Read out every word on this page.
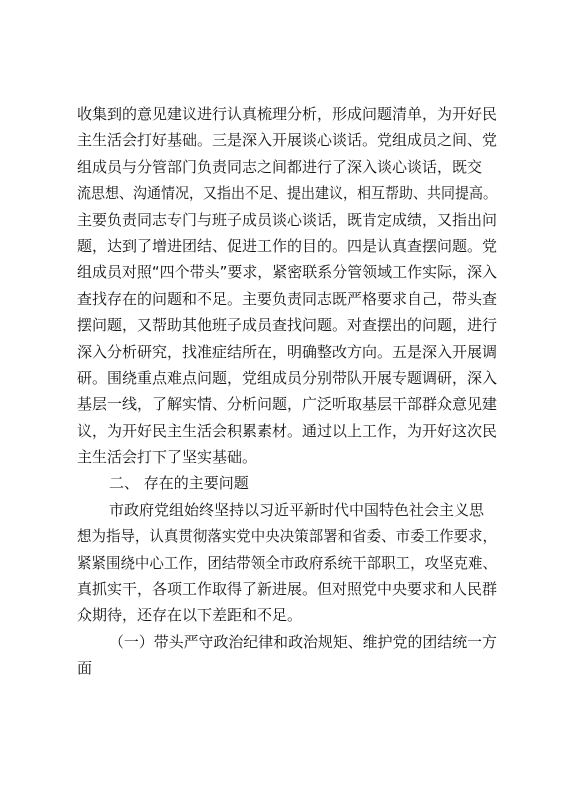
收集到的意见建议进行认真梳理分析，形成问题清单，为开好民
主生活会打好基础。三是深入开展谈心谈话。党组成员之间、党
组成员与分管部门负责同志之间都进行了深入谈心谈话，既交
流思想、沟通情况，又指出不足、提出建议，相互帮助、共同提高。
主要负责同志专门与班子成员谈心谈话，既肯定成绩，又指出问
题，达到了增进团结、促进工作的目的。四是认真查摆问题。党
组成员对照“四个带头”要求，紧密联系分管领域工作实际，深入
查找存在的问题和不足。主要负责同志既严格要求自己，带头查
摆问题，又帮助其他班子成员查找问题。对查摆出的问题，进行
深入分析研究，找准症结所在，明确整改方向。五是深入开展调
研。围绕重点难点问题，党组成员分别带队开展专题调研，深入
基层一线，了解实情、分析问题，广泛听取基层干部群众意见建
议，为开好民主生活会积累素材。通过以上工作，为开好这次民
主生活会打下了坚实基础。
二、 存在的主要问题
市政府党组始终坚持以习近平新时代中国特色社会主义思
想为指导，认真贯彻落实党中央决策部署和省委、市委工作要求，
紧紧围绕中心工作，团结带领全市政府系统干部职工，攻坚克难、
真抓实干，各项工作取得了新进展。但对照党中央要求和人民群
众期待，还存在以下差距和不足。
（一）带头严守政治纪律和政治规矩、维护党的团结统一方
面
